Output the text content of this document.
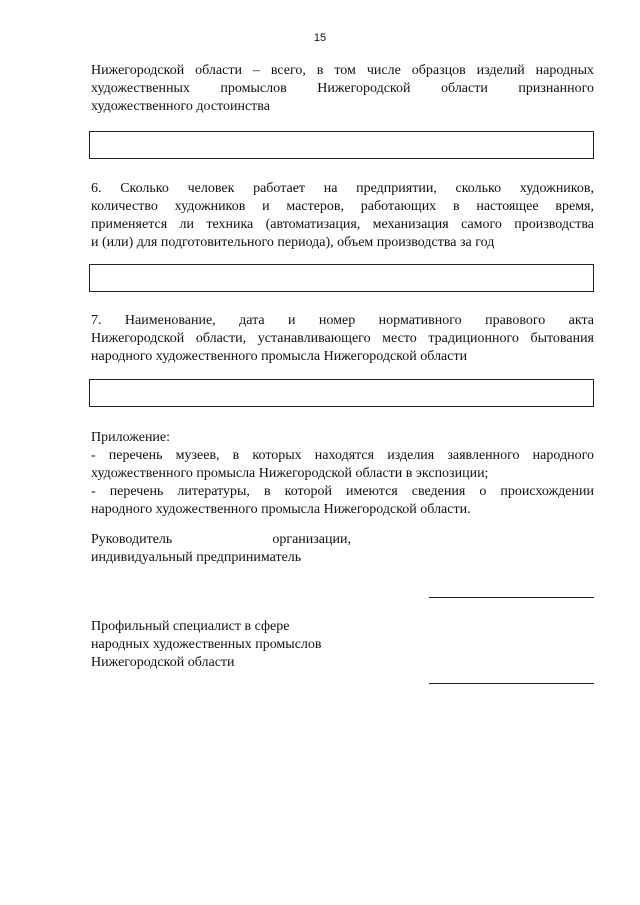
15
Нижегородской области – всего, в том числе образцов изделий народных
художественных промыслов Нижегородской области признанного
художественного достоинства
6. Сколько человек работает на предприятии, сколько художников,
количество художников и мастеров, работающих в настоящее время,
применяется ли техника (автоматизация, механизация самого производства
и (или) для подготовительного периода), объем производства за год
7. Наименование, дата и номер нормативного правового акта
Нижегородской области, устанавливающего место традиционного бытования
народного художественного промысла Нижегородской области
Приложение:
- перечень музеев, в которых находятся изделия заявленного народного
художественного промысла Нижегородской области в экспозиции;
- перечень литературы, в которой имеются сведения о происхождении
народного художественного промысла Нижегородской области.
Руководитель	организации,
индивидуальный предприниматель
Профильный специалист в сфере
народных художественных промыслов
Нижегородской области
